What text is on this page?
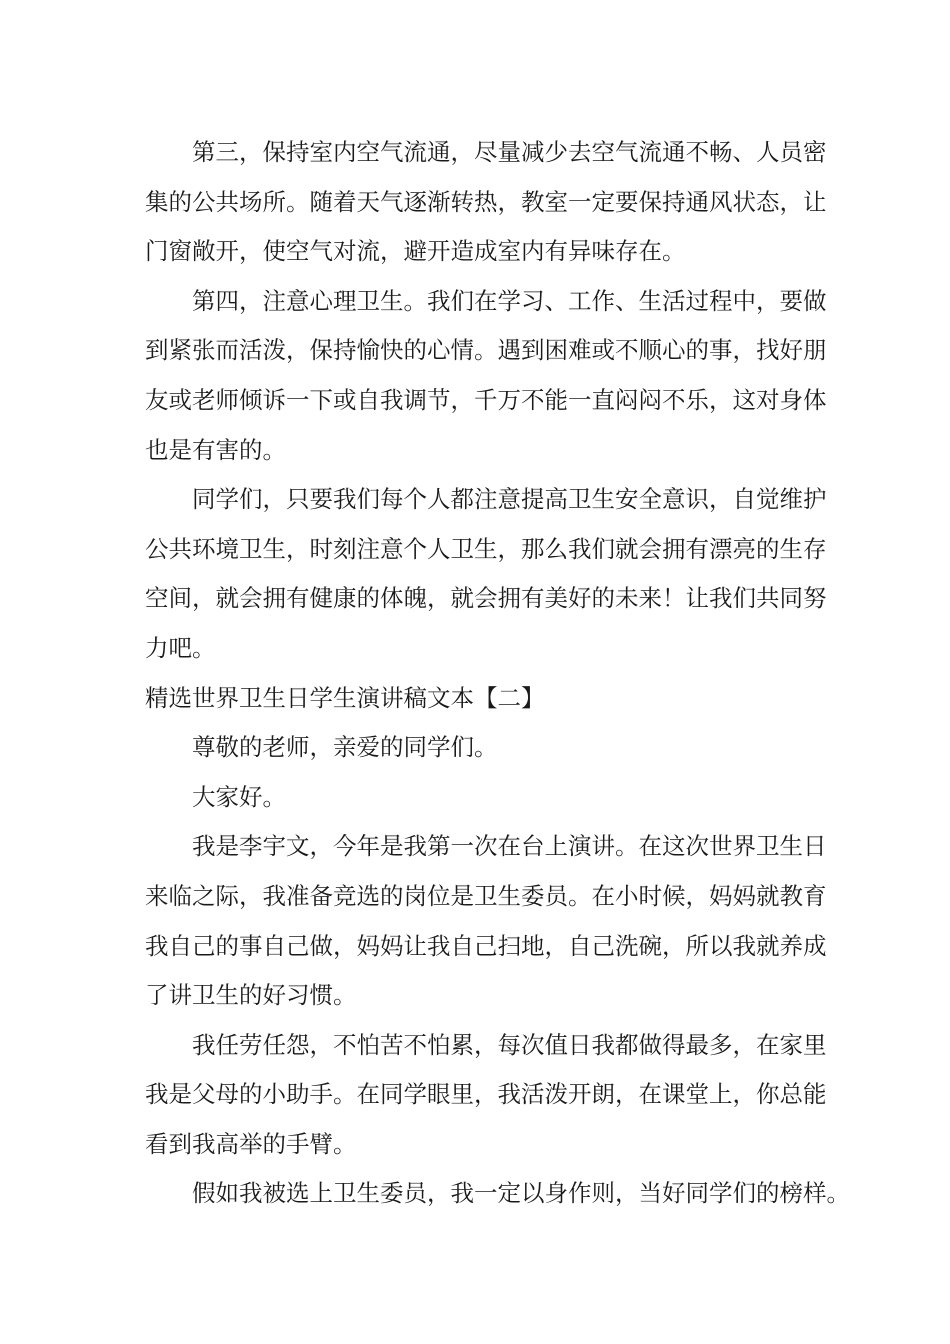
第三，保持室内空气流通，尽量减少去空气流通不畅、人员密
集的公共场所。随着天气逐渐转热，教室一定要保持通风状态，让
门窗敞开，使空气对流，避开造成室内有异味存在。
第四，注意心理卫生。我们在学习、工作、生活过程中，要做
到紧张而活泼，保持愉快的心情。遇到困难或不顺心的事，找好朋
友或老师倾诉一下或自我调节，千万不能一直闷闷不乐，这对身体
也是有害的。
同学们，只要我们每个人都注意提高卫生安全意识，自觉维护
公共环境卫生，时刻注意个人卫生，那么我们就会拥有漂亮的生存
空间，就会拥有健康的体魄，就会拥有美好的未来！让我们共同努
力吧。
精选世界卫生日学生演讲稿文本【二】
尊敬的老师，亲爱的同学们。
大家好。
我是李宇文，今年是我第一次在台上演讲。在这次世界卫生日
来临之际，我准备竞选的岗位是卫生委员。在小时候，妈妈就教育
我自己的事自己做，妈妈让我自己扫地，自己洗碗，所以我就养成
了讲卫生的好习惯。
我任劳任怨，不怕苦不怕累，每次值日我都做得最多，在家里
我是父母的小助手。在同学眼里，我活泼开朗，在课堂上，你总能
看到我高举的手臂。
假如我被选上卫生委员，我一定以身作则，当好同学们的榜样。
